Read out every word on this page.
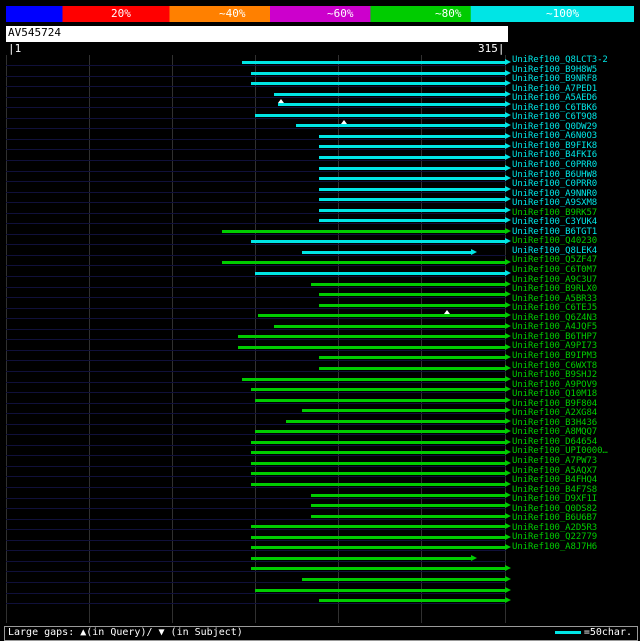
20%	~40%	~60%	~80%	~100%
AV545724
|1	315|
UniRef100_Q8LCT3-2
UniRef100_B9H8W5
UniRef100_B9NRF8
UniRef100_A7PED1
UniRef100_A5AED6
UniRef100_C6TBK6
UniRef100_C6T9Q8
UniRef100_Q0DW29
UniRef100_A6N0O3
UniRef100_B9FIK8
UniRef100_B4FKI6
UniRef100_C0PRR0
UniRef100_B6UHW8
UniRef100_C0PRR0
UniRef100_A9NNR0
UniRef100_A9SXM8
UniRef100_B9RK57
UniRef100_C3YUK4
UniRef100_B6TGT1
UniRef100_Q40230
UniRef100_Q8LEK4
UniRef100_Q5ZF47
UniRef100_C6T0M7
UniRef100_A9C3U7
UniRef100_B9RLX0
UniRef100_A5BR33
UniRef100_C6TEJ5
UniRef100_Q6Z4N3
UniRef100_A4JQF5
UniRef100_B6THP7
UniRef100_A9PI73
UniRef100_B9IPM3
UniRef100_C6WXT8
UniRef100_B9SHJ2
UniRef100_A9POV9
UniRef100_Q10M18
UniRef100_B9F804
UniRef100_A2XG84
UniRef100_B3H436
UniRef100_A8MQQ7
UniRef100_D64654
UniRef100_UPI0000…
UniRef100_A7PW73
UniRef100_A5AQX7
UniRef100_B4FHQ4
UniRef100_B4F7S8
UniRef100_D9XF1I
UniRef100_Q0DS82
UniRef100_B6U6B7
UniRef100_A2D5R3
UniRef100_Q22779
UniRef100_A8J7H6
Large gaps: ▲(in Query)/ ▼ (in Subject)	=50char.
